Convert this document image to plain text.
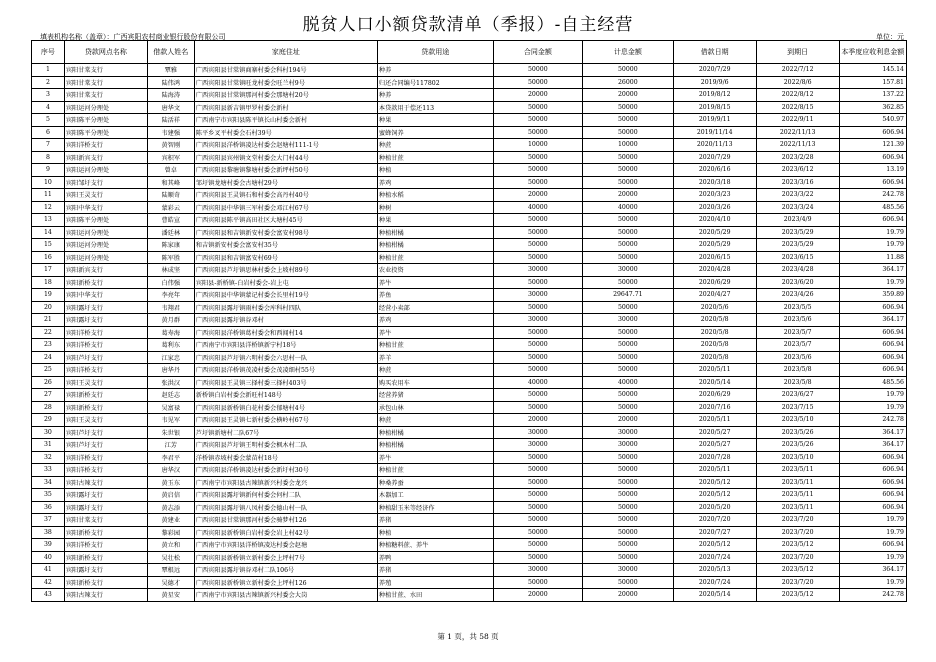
脱贫人口小额贷款清单（季报）-自主经营
填表机构名称（盖章）：广西宾阳农村商业银行股份有限公司	单位：元
序号	贷款网点名称	借款人姓名	家庭住址	贷款用途	合同金额	计息金额	借款日期	到期日	本季度应收利息金额
1	宾阳甘棠支行	覃雅	广西宾阳县甘棠镇商寨村委会科村194号	种养	50000	50000	2020/7/29	2022/7/12	145.14
2	宾阳甘棠支行	陆伟鸿	广西宾阳县甘棠镇旺龙村委会旺兰村9号	归还合同编号117802	50000	26000	2019/9/6	2022/8/6	157.81
3	宾阳甘棠支行	陆海涛	广西宾阳县甘棠镇那河村委会那塘村20号	种养	20000	20000	2019/8/12	2022/8/12	137.22
4	宾阳运河分理处	唐华文	广西宾阳县新吉镇甲罗村委会新村	本贷款用于偿还113	50000	50000	2019/8/15	2022/8/15	362.85
5	宾阳陈平分理处	陆活祥	广西南宁市宾阳县陈平镇长山村委会新村	种果	50000	50000	2019/9/11	2022/9/11	540.97
6	宾阳陈平分理处	韦建强	陈平乡叉平村委会石村39号	蜜蜂饲养	50000	50000	2019/11/14	2022/11/13	606.94
7	宾阳洋桥支行	黄智刚	广西宾阳县洋桥镇凌达村委会赵塘村111-1号	种蔗	10000	10000	2020/11/13	2022/11/13	121.39
8	宾阳新宾支行	宾积军	广西宾阳县宾州镇文堂村委会大门村44号	种植甘蔗	50000	50000	2020/7/29	2023/2/28	606.94
9	宾阳运河分理处	曾卓	广西宾阳县黎塘镇黎塘村委会新坪村50号	种植	50000	50000	2020/6/16	2023/6/12	13.19
10	宾阳邹圩支行	和其峰	邹圩镇龙塘村委会古塘村29号	养鸡	50000	50000	2020/3/18	2023/3/16	606.94
11	宾阳王灵支行	陆顺奇	广西宾阳县王灵镇石和村委会高丹村40号	种植水稻	20000	20000	2020/3/23	2023/3/22	242.78
12	宾阳中华支行	蒙彩云	广西宾阳县中华镇三军村委会邓江村67号	种树	40000	40000	2020/3/26	2023/3/24	485.56
13	宾阳陈平分理处	曹皓宣	广西宾阳县陈平镇高田社区大塘村45号	种果	50000	50000	2020/4/10	2023/4/9	606.94
14	宾阳运河分理处	潘廷林	广西宾阳县和吉镇新安村委会富安村98号	种植柑橘	50000	50000	2020/5/29	2023/5/29	19.79
15	宾阳运河分理处	陈家康	和吉镇新安村委会富安村35号	种植柑橘	50000	50000	2020/5/29	2023/5/29	19.79
16	宾阳运河分理处	陈军胜	广西宾阳县和吉镇富安村69号	种植甘蔗	50000	50000	2020/6/15	2023/6/15	11.88
17	宾阳新宾支行	林成坚	广西宾阳县芦圩镇思林村委会上坡村89号	农业投资	30000	30000	2020/4/28	2023/4/28	364.17
18	宾阳新桥支行	白伟强	宾阳县-新桥镇-白岩村委会-岩上屯	养牛	50000	50000	2020/6/29	2023/6/20	19.79
19	宾阳中华支行	李亮年	广西宾阳县中华镇蒙记村委会长里村19号	养鱼	30000	29647.71	2020/4/27	2023/4/26	359.89
20	宾阳露圩支行	韦翔君	广西宾阳县露圩镇雨村委会库科村四队	经营小卖部	50000	50000	2020/5/6	2023/5/5	606.94
21	宾阳露圩支行	黄月群	广西宾阳县露圩镇谷邓村	养鸡	30000	30000	2020/5/8	2023/5/6	364.17
22	宾阳洋桥支行	葛寿海	广西宾阳县洋桥镇葛村委会和西闻村14	养牛	50000	50000	2020/5/8	2023/5/7	606.94
23	宾阳洋桥支行	葛利东	广西南宁市宾阳县洋桥镇新宁村18号	种植甘蔗	50000	50000	2020/5/8	2023/5/7	606.94
24	宾阳芦圩支行	江家忠	广西宾阳县芦圩镇六明村委会六思村一队	养羊	50000	50000	2020/5/8	2023/5/6	606.94
25	宾阳洋桥支行	唐华丹	广西宾阳县洋桥镇茂凌村委会茂凌细村55号	种蔗	50000	50000	2020/5/11	2023/5/8	606.94
26	宾阳王灵支行	张洪汉	广西宾阳县王灵镇三择村委三择村403号	购买农用车	40000	40000	2020/5/14	2023/5/8	485.56
27	宾阳新桥支行	赵廷志	新桥镇白岩村委会新旺村148号	经营养猪	50000	50000	2020/6/29	2023/6/27	19.79
28	宾阳新桥支行	吴富禄	广西宾阳县新桥镇白花村委会郁塘村4号	承包山林	50000	50000	2020/7/16	2023/7/15	19.79
29	宾阳王灵支行	韦见军	广西宾阳县王灵镇七新村委会横岭村67号	种蔗	20000	20000	2020/5/11	2023/5/10	242.78
30	宾阳芦圩支行	朱世银	芦圩镇新塘村二队67号	种植柑橘	30000	30000	2020/5/27	2023/5/26	364.17
31	宾阳芦圩支行	江芳	广西宾阳县芦圩镇王明村委会枫木村二队	种植柑橘	30000	30000	2020/5/27	2023/5/26	364.17
32	宾阳洋桥支行	李君平	洋桥镇赤坡村委会蒙苗村18号	养牛	50000	50000	2020/7/28	2023/5/10	606.94
33	宾阳洋桥支行	唐华汉	广西宾阳县洋桥镇凌达村委会新圩村30号	种植甘蔗	50000	50000	2020/5/11	2023/5/11	606.94
34	宾阳古辣支行	黄玉东	广西南宁市宾阳县古辣镇新兴村委会龙兴	种桑养蚕	50000	50000	2020/5/12	2023/5/11	606.94
35	宾阳露圩支行	黄启信	广西宾阳县露圩镇新何村委会何村二队	木器加工	50000	50000	2020/5/12	2023/5/11	606.94
36	宾阳露圩支行	黄志添	广西宾阳县露圩镇八凤村委会德山村一队	种植甜玉米等经济作	50000	50000	2020/5/20	2023/5/11	606.94
37	宾阳甘棠支行	黄建业	广西宾阳县甘棠镇那河村委会骑梦村126	养猪	50000	50000	2020/7/20	2023/7/20	19.79
38	宾阳新桥支行	黎彩园	广西宾阳县新桥镇白岩村委会岩上村42号	种植	50000	50000	2020/7/27	2023/7/20	19.79
39	宾阳洋桥支行	黄立和	广西南宁市宾阳县洋桥镇凌达村委会赵塘	种植糖料蔗、养牛	50000	50000	2020/5/12	2023/5/12	606.94
40	宾阳新桥支行	吴壮松	广西宾阳县新桥镇立新村委会上坪村7号	养鸭	50000	50000	2020/7/24	2023/7/20	19.79
41	宾阳露圩支行	覃根远	广西宾阳县露圩镇谷邓村二队106号	养猪	30000	30000	2020/5/13	2023/5/12	364.17
42	宾阳新桥支行	吴德才	广西宾阳县新桥镇立新村委会上坪村126	养殖	50000	50000	2020/7/24	2023/7/20	19.79
43	宾阳古辣支行	黄星安	广西南宁市宾阳县古辣镇新兴村委会大岗	种植甘蔗、水田	20000	20000	2020/5/14	2023/5/12	242.78
第 1 页，共 58 页
